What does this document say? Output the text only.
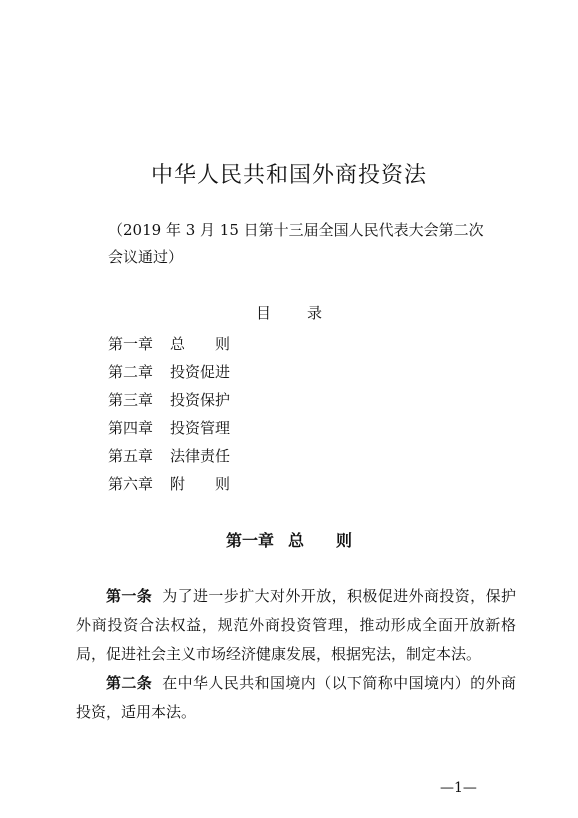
中华人民共和国外商投资法
（2019 年 3 月 15 日第十三届全国人民代表大会第二次
会议通过）
目 录
第一章 总　　则
第二章 投资促进
第三章 投资保护
第四章 投资管理
第五章 法律责任
第六章 附　　则
第一章 总　　则

第一条 为了进一步扩大对外开放，积极促进外商投资，保护外商投资合法权益，规范外商投资管理，推动形成全面开放新格局，促进社会主义市场经济健康发展，根据宪法，制定本法。

第二条 在中华人民共和国境内（以下简称中国境内）的外商投资，适用本法。

—1—
